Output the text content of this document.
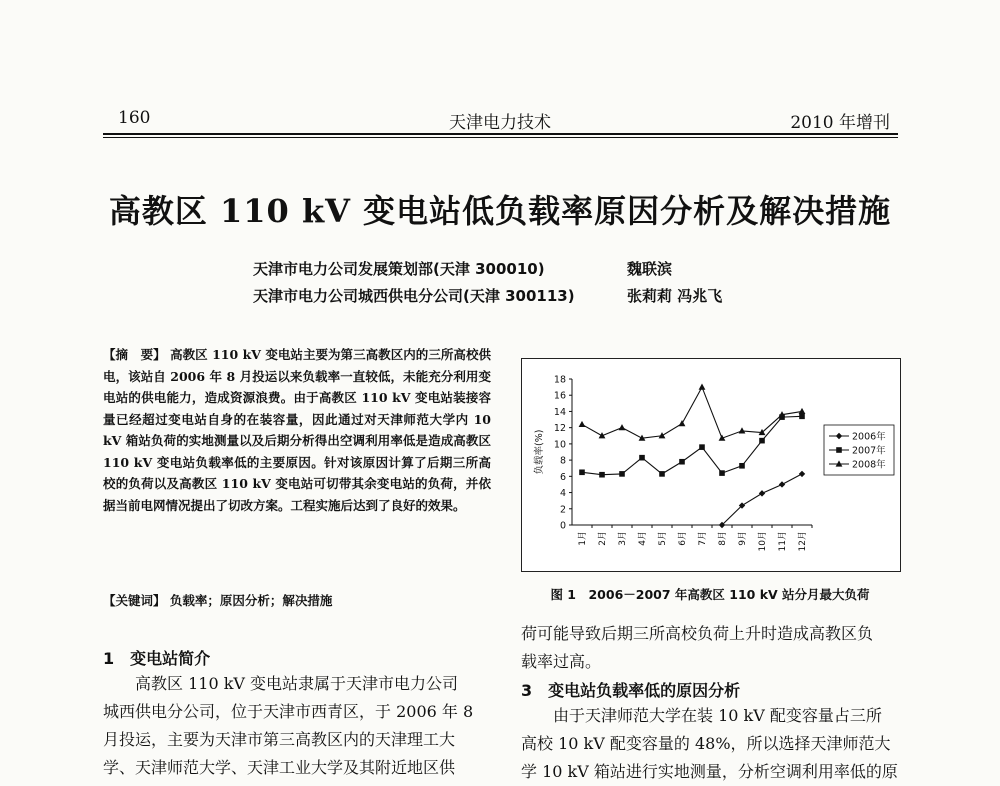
160	天津电力技术	2010 年增刊
高教区 110 kV 变电站低负载率原因分析及解决措施
天津市电力公司发展策划部(天津 300010)	魏联滨
天津市电力公司城西供电分公司(天津 300113)	张莉莉 冯兆飞
【摘　要】 高教区 110 kV 变电站主要为第三高教区内的三所高校供电，该站自 2006 年 8 月投运以来负载率一直较低，未能充分利用变电站的供电能力，造成资源浪费。由于高教区 110 kV 变电站装接容量已经超过变电站自身的在装容量，因此通过对天津师范大学内 10 kV 箱站负荷的实地测量以及后期分析得出空调利用率低是造成高教区 110 kV 变电站负载率低的主要原因。针对该原因计算了后期三所高校的负荷以及高教区 110 kV 变电站可切带其余变电站的负荷，并依据当前电网情况提出了切改方案。工程实施后达到了良好的效果。
【关键词】 负载率；原因分析；解决措施
1　变电站简介
高教区 110 kV 变电站隶属于天津市电力公司
城西供电分公司，位于天津市西青区，于 2006 年 8
月投运，主要为天津市第三高教区内的天津理工大
学、天津师范大学、天津工业大学及其附近地区供
0
2
4
6
8
10
12
14
16
18
负载率(%)
1月 2月 3月 4月 5月 6月 7月 8月 9月 10月 11月 12月
2006年
2007年
2008年
图 1　2006－2007 年高教区 110 kV 站分月最大负荷
荷可能导致后期三所高校负荷上升时造成高教区负
载率过高。
3　变电站负载率低的原因分析
由于天津师范大学在装 10 kV 配变容量占三所
高校 10 kV 配变容量的 48%，所以选择天津师范大
学 10 kV 箱站进行实地测量，分析空调利用率低的原
